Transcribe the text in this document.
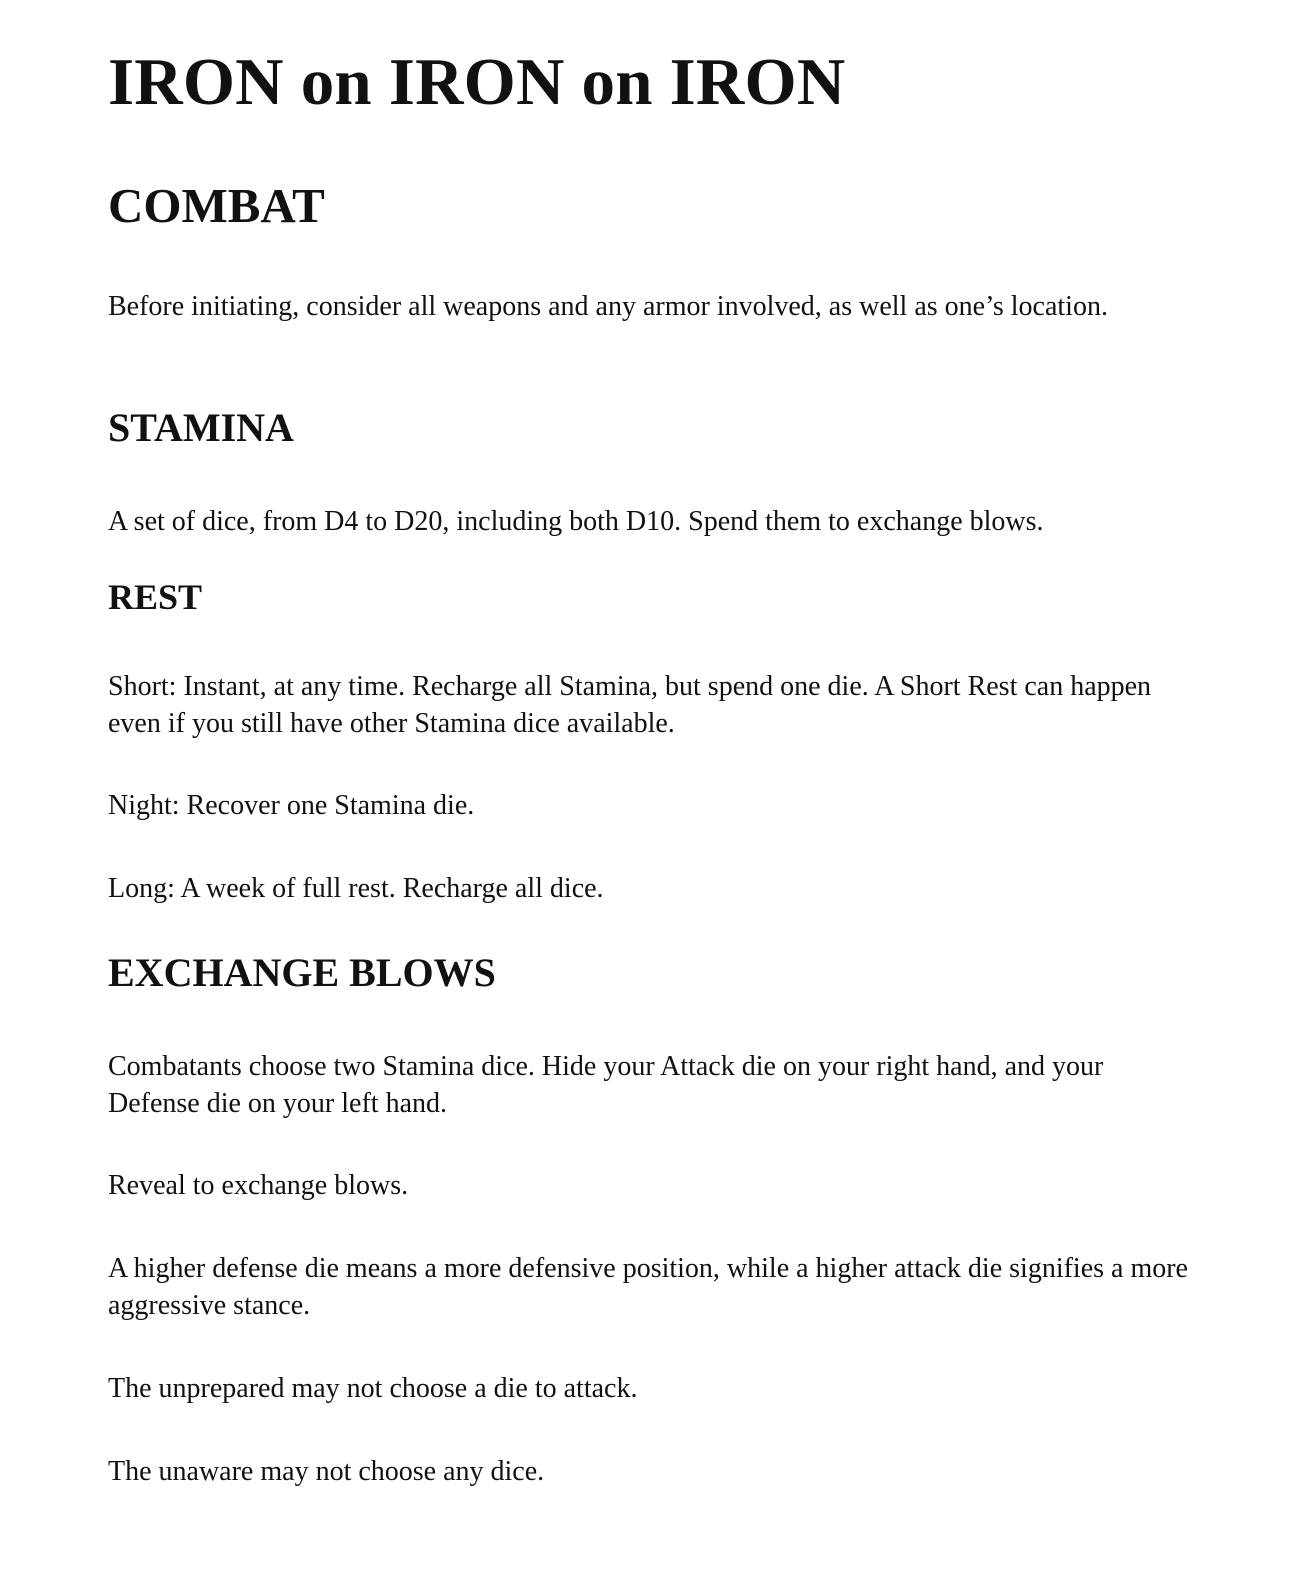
IRON on IRON on IRON
COMBAT

Before initiating, consider all weapons and any armor involved, as well as one’s location.

STAMINA

A set of dice, from D4 to D20, including both D10. Spend them to exchange blows.

REST

Short: Instant, at any time. Recharge all Stamina, but spend one die. A Short Rest can happen even if you still have other Stamina dice available.

Night: Recover one Stamina die.

Long: A week of full rest. Recharge all dice.

EXCHANGE BLOWS

Combatants choose two Stamina dice. Hide your Attack die on your right hand, and your Defense die on your left hand.

Reveal to exchange blows.

A higher defense die means a more defensive position, while a higher attack die signifies a more aggressive stance.

The unprepared may not choose a die to attack.

The unaware may not choose any dice.
